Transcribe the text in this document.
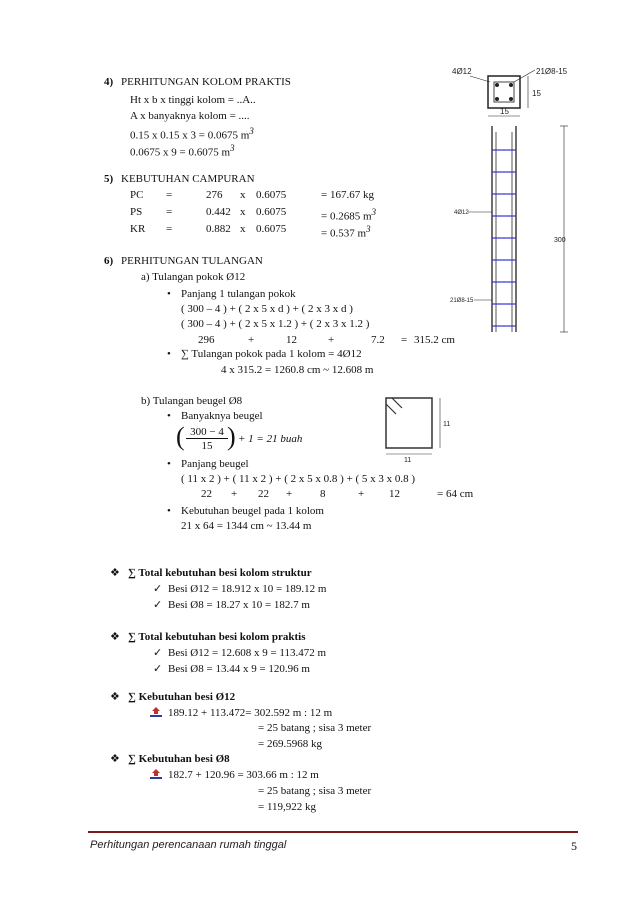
4) PERHITUNGAN KOLOM PRAKTIS
Ht x b x tinggi kolom = ..A..
A x banyaknya kolom = ....
0.15 x 0.15 x 3 = 0.0675 $m^3$
0.0675 x 9 = 0.6075 $m^3$
5) KEBUTUHAN CAMPURAN
PC =	276 x 0.6075	= 167.67 kg
PS =	0.442 x 0.6075	= 0.2685 $m^3$
KR =	0.882 x 0.6075	= 0.537 $m^3$
6) PERHITUNGAN TULANGAN
a) Tulangan pokok Ø12
• Panjang 1 tulangan pokok
( 300 – 4 ) + ( 2 x 5 x d ) + ( 2 x 3 x d )
( 300 – 4 ) + ( 2 x 5 x 1.2 ) + ( 2 x 3 x 1.2 )
296	+	12	+	7.2 = 315.2 cm
• ∑ Tulangan pokok pada 1 kolom = 4Ø12
4 x 315.2 = 1260.8 cm ~ 12.608 m
b) Tulangan beugel Ø8
• Banyaknya beugel
( 300 − 4
15 ) + 1 = 21 buah
• Panjang beugel
( 11 x 2 ) + ( 11 x 2 ) + ( 2 x 5 x 0.8 ) + ( 5 x 3 x 0.8 )
22 + 22 +	8	+ 12	= 64 cm
• Kebutuhan beugel pada 1 kolom
21 x 64 = 1344 cm ~ 13.44 m
❖ ∑ Total kebutuhan besi kolom struktur
✓ Besi Ø12 = 18.912 x 10 = 189.12 m
✓ Besi Ø8 = 18.27 x 10 = 182.7 m
❖ ∑ Total kebutuhan besi kolom praktis
✓ Besi Ø12 = 12.608 x 9 = 113.472 m
✓ Besi Ø8 = 13.44 x 9 = 120.96 m
❖ ∑ Kebutuhan besi Ø12
189.12 + 113.472= 302.592 m : 12 m
= 25 batang ; sisa 3 meter
= 269.5968 kg
❖ ∑ Kebutuhan besi Ø8
182.7 + 120.96 = 303.66 m : 12 m
= 25 batang ; sisa 3 meter
= 119,922 kg
4Ø12	21Ø8-15
15
15
4Ø12
21Ø8-15
300
11
11
Perhitungan perencanaan rumah tinggal	5
